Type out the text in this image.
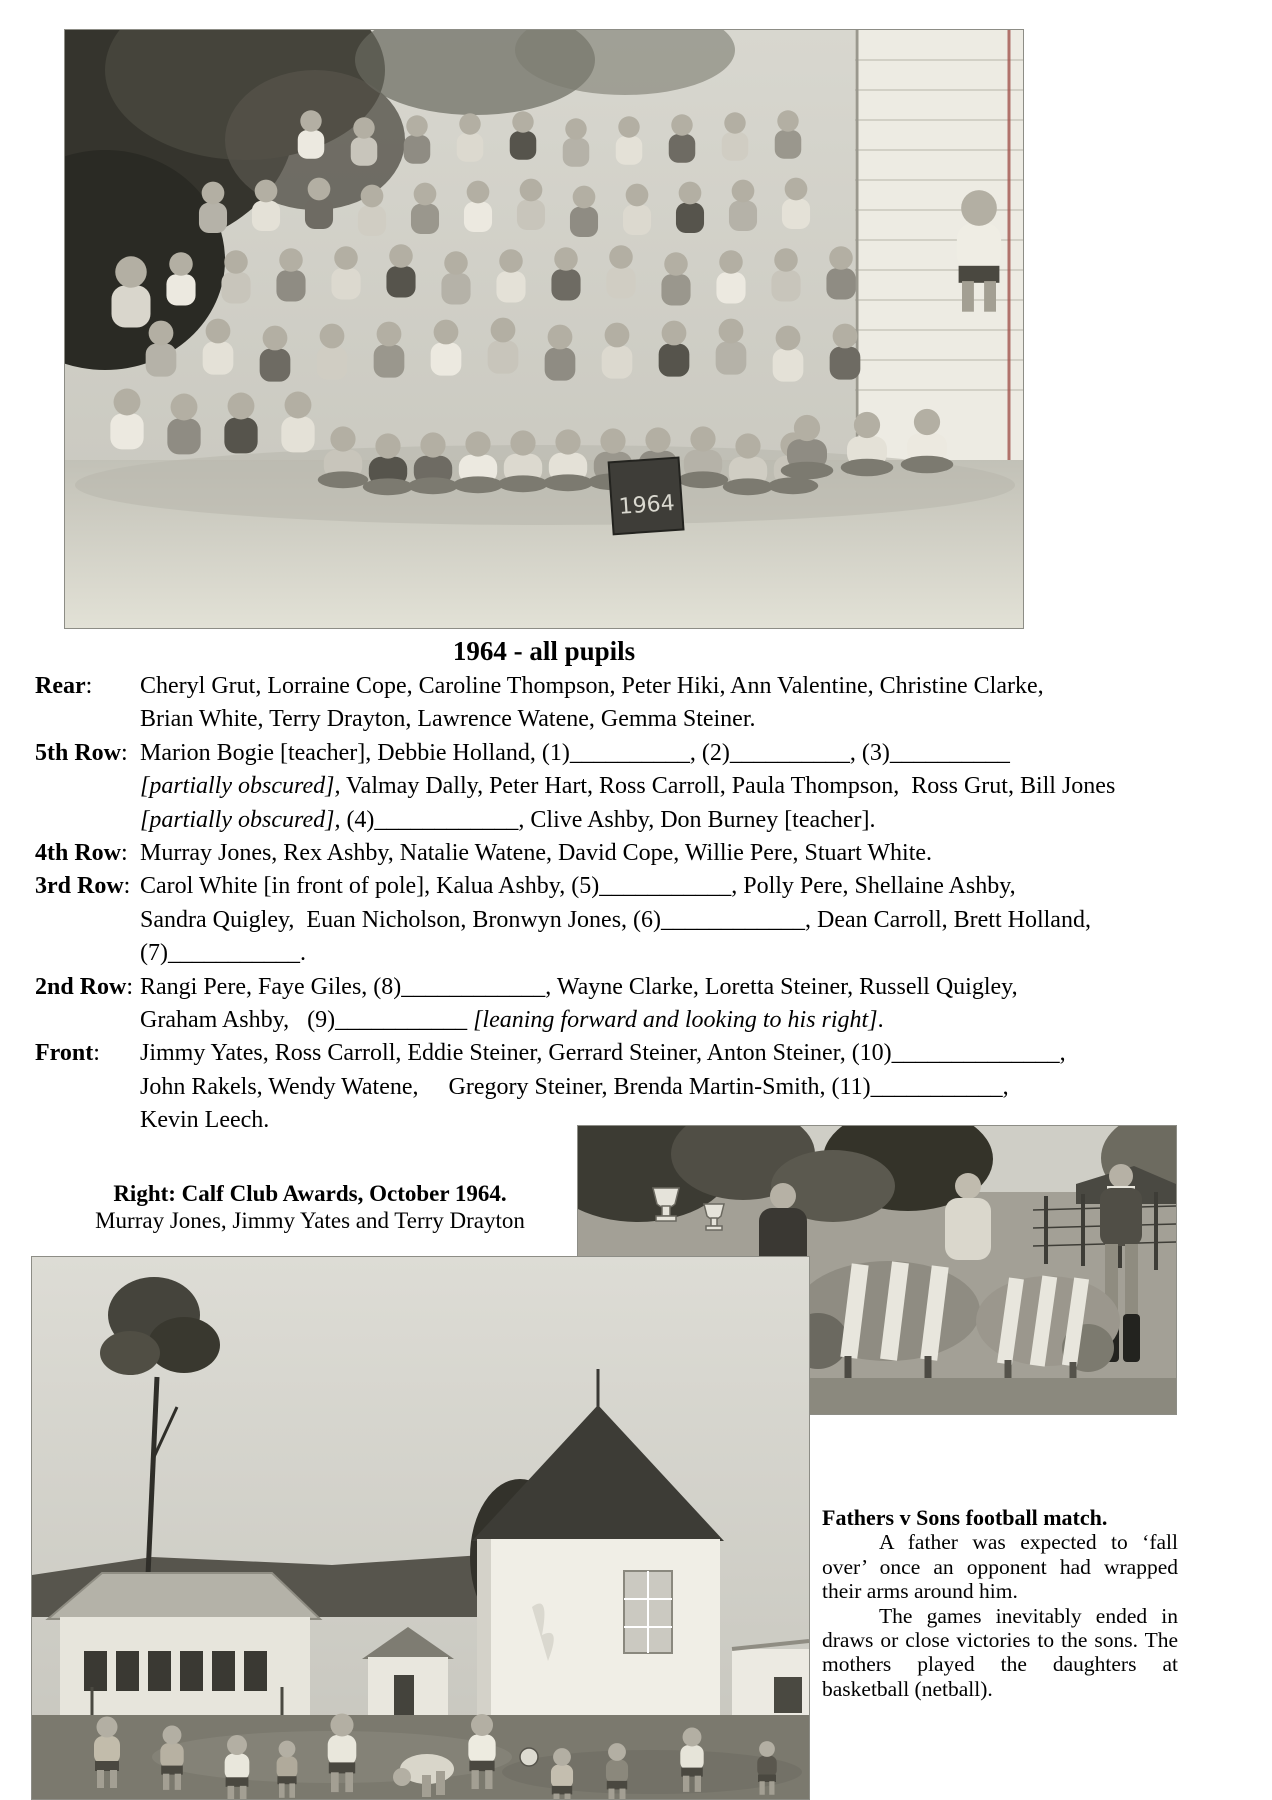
1964
1964 - all pupils
Rear:	Cheryl Grut, Lorraine Cope, Caroline Thompson, Peter Hiki, Ann Valentine, Christine Clarke,
Brian White, Terry Drayton, Lawrence Watene, Gemma Steiner.
5th Row: Marion Bogie [teacher], Debbie Holland, (1)__________, (2)__________, (3)__________
[partially obscured], Valmay Dally, Peter Hart, Ross Carroll, Paula Thompson,  Ross Grut, Bill Jones
[partially obscured], (4)____________, Clive Ashby, Don Burney [teacher].
4th Row: Murray Jones, Rex Ashby, Natalie Watene, David Cope, Willie Pere, Stuart White.
3rd Row: Carol White [in front of pole], Kalua Ashby, (5)___________, Polly Pere, Shellaine Ashby,
Sandra Quigley,  Euan Nicholson, Bronwyn Jones, (6)____________, Dean Carroll, Brett Holland,
(7)___________.
2nd Row: Rangi Pere, Faye Giles, (8)____________, Wayne Clarke, Loretta Steiner, Russell Quigley,
Graham Ashby,   (9)___________ [leaning forward and looking to his right].
Front:	Jimmy Yates, Ross Carroll, Eddie Steiner, Gerrard Steiner, Anton Steiner, (10)______________,
John Rakels, Wendy Watene,     Gregory Steiner, Brenda Martin-Smith, (11)___________,
Kevin Leech.
Right: Calf Club Awards, October 1964.
Murray Jones, Jimmy Yates and Terry Drayton
Fathers v Sons football match.

A father was expected to ‘fall over’ once an opponent had wrapped their arms around him.

The games inevitably ended in draws or close victories to the sons. The mothers played the daughters at basketball (netball).
